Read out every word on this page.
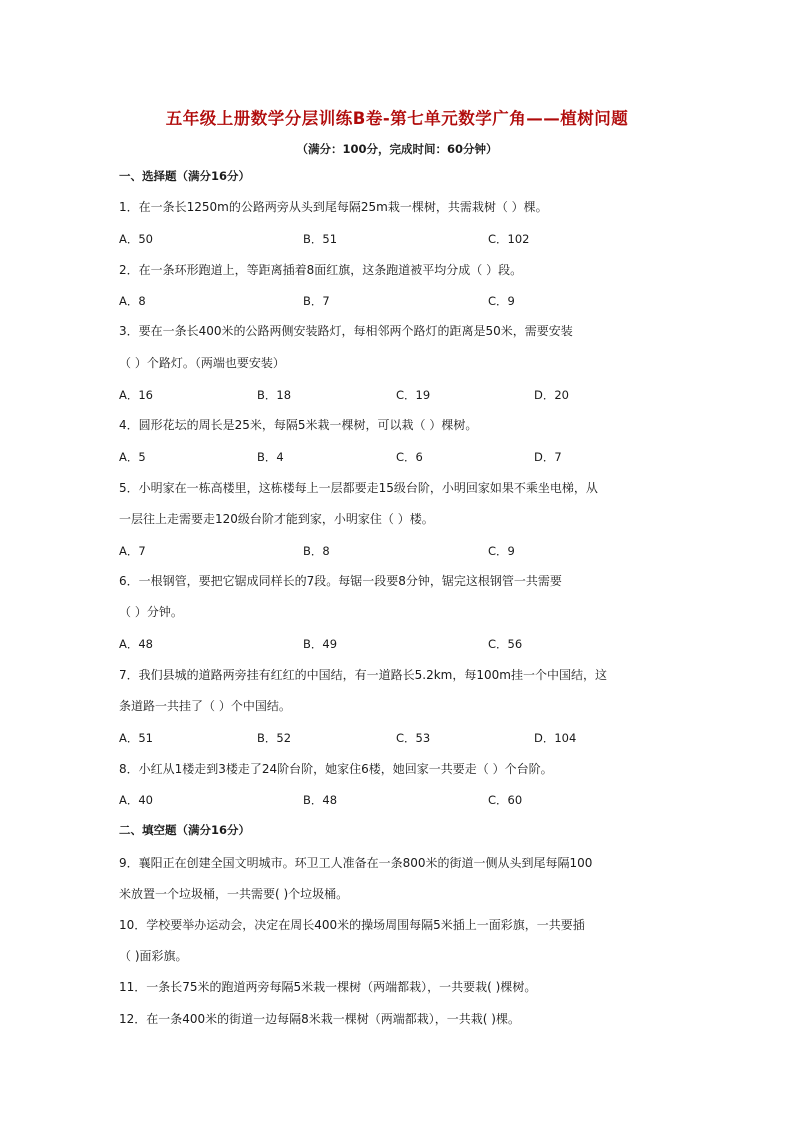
五年级上册数学分层训练B卷-第七单元数学广角——植树问题
（满分：100分，完成时间：60分钟）
一、选择题（满分16分）
1．在一条长1250m的公路两旁从头到尾每隔25m栽一棵树，共需栽树（ ）棵。
A．50	B．51	C．102
2．在一条环形跑道上，等距离插着8面红旗，这条跑道被平均分成（ ）段。
A．8	B．7	C．9
3．要在一条长400米的公路两侧安装路灯，每相邻两个路灯的距离是50米，需要安装
（ ）个路灯。（两端也要安装）
A．16	B．18	C．19	D．20
4．圆形花坛的周长是25米，每隔5米栽一棵树，可以栽（ ）棵树。
A．5	B．4	C．6	D．7
5．小明家在一栋高楼里，这栋楼每上一层都要走15级台阶，小明回家如果不乘坐电梯，从
一层往上走需要走120级台阶才能到家，小明家住（ ）楼。
A．7	B．8	C．9
6．一根钢管，要把它锯成同样长的7段。每锯一段要8分钟，锯完这根钢管一共需要
（ ）分钟。
A．48	B．49	C．56
7．我们县城的道路两旁挂有红红的中国结，有一道路长5.2km，每100m挂一个中国结，这
条道路一共挂了（ ）个中国结。
A．51	B．52	C．53	D．104
8．小红从1楼走到3楼走了24阶台阶，她家住6楼，她回家一共要走（ ）个台阶。
A．40	B．48	C．60
二、填空题（满分16分）
9．襄阳正在创建全国文明城市。环卫工人准备在一条800米的街道一侧从头到尾每隔100
米放置一个垃圾桶，一共需要( )个垃圾桶。
10．学校要举办运动会，决定在周长400米的操场周围每隔5米插上一面彩旗，一共要插
（ )面彩旗。
11．一条长75米的跑道两旁每隔5米栽一棵树（两端都栽），一共要栽( )棵树。
12．在一条400米的街道一边每隔8米栽一棵树（两端都栽），一共栽( )棵。
